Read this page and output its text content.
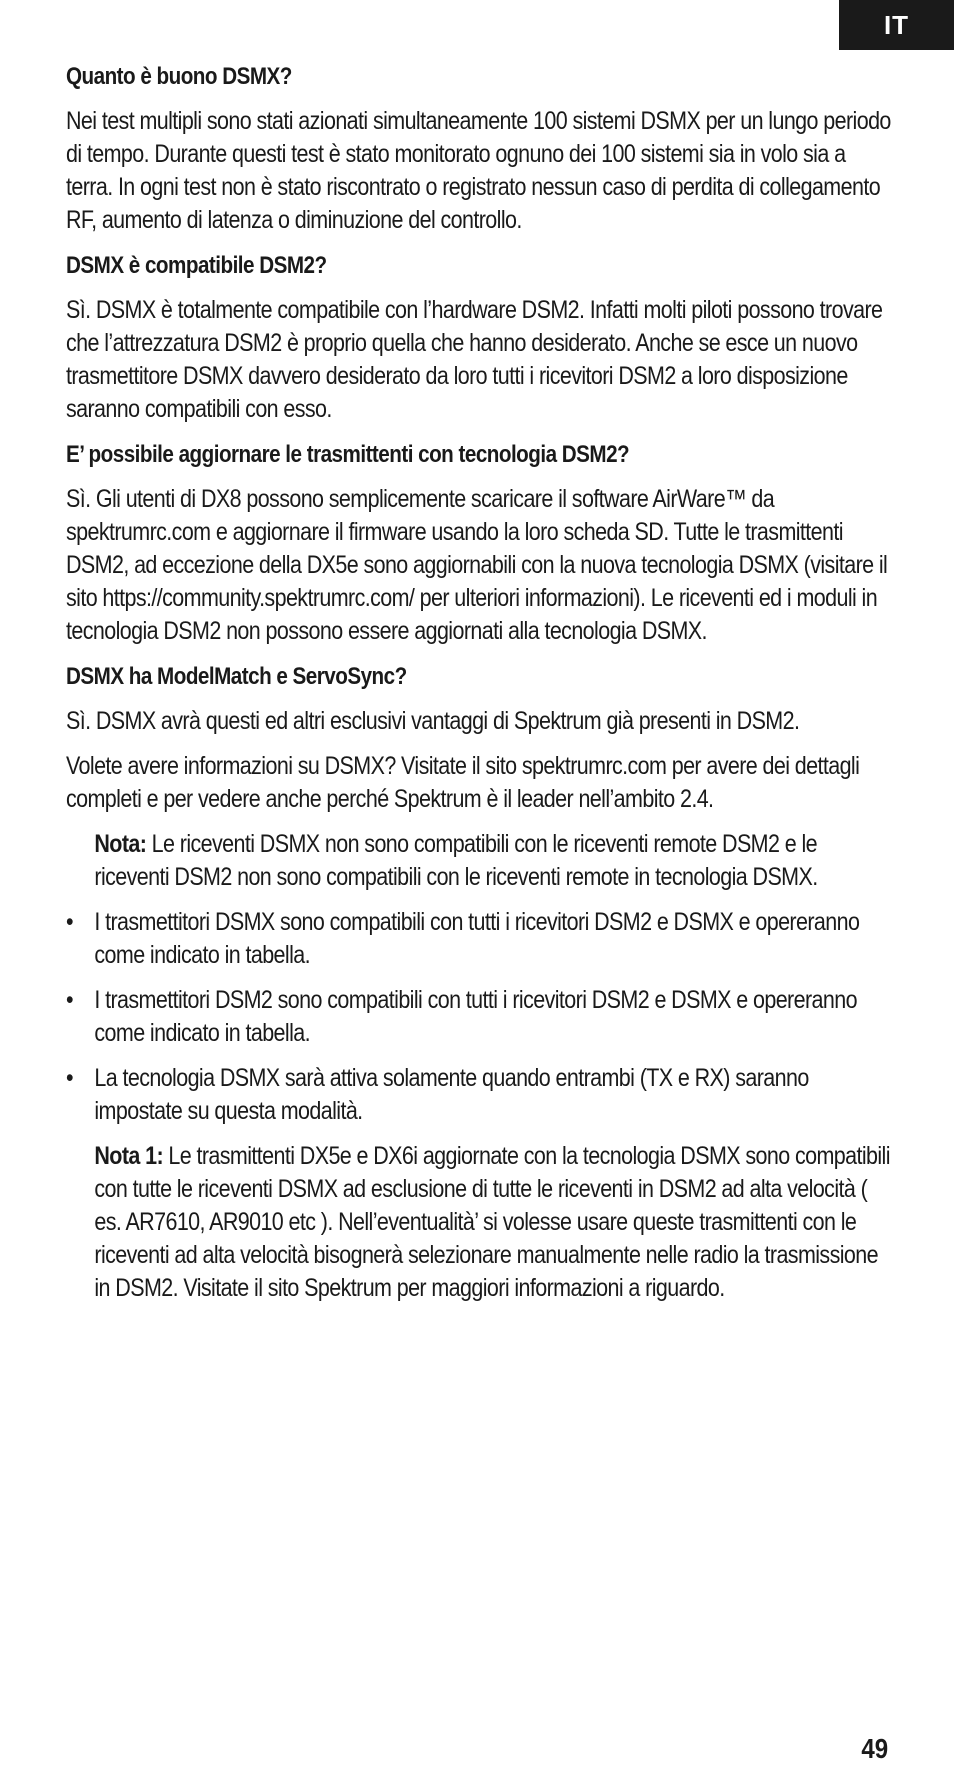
IT
Quanto è buono DSMX?

Nei test multipli sono stati azionati simultaneamente 100 sistemi DSMX per un lungo periodo di tempo. Durante questi test è stato monitorato ognuno dei 100 sistemi sia in volo sia a terra. In ogni test non è stato riscontrato o registrato nessun caso di perdita di collegamento RF, aumento di latenza o diminuzione del controllo.

DSMX è compatibile DSM2?

Sì. DSMX è totalmente compatibile con l’hardware DSM2. Infatti molti piloti possono trovare che l’attrezzatura DSM2 è proprio quella che hanno desiderato. Anche se esce un nuovo trasmettitore DSMX davvero desiderato da loro tutti i ricevitori DSM2 a loro disposizione saranno compatibili con esso.

E’ possibile aggiornare le trasmittenti con tecnologia DSM2?

Sì. Gli utenti di DX8 possono semplicemente scaricare il software AirWare™ da spektrumrc.com e aggiornare il firmware usando la loro scheda SD. Tutte le trasmittenti DSM2, ad eccezione della DX5e sono aggiornabili con la nuova tecnologia DSMX (visitare il sito https://community.spektrumrc.com/ per ulteriori informazioni). Le riceventi ed i moduli in tecnologia DSM2 non possono essere aggiornati alla tecnologia DSMX.

DSMX ha ModelMatch e ServoSync?

Sì. DSMX avrà questi ed altri esclusivi vantaggi di Spektrum già presenti in DSM2.

Volete avere informazioni su DSMX? Visitate il sito spektrumrc.com per avere dei dettagli completi e per vedere anche perché Spektrum è il leader nell’ambito 2.4.

Nota: Le riceventi DSMX non sono compatibili con le riceventi remote DSM2 e le riceventi DSM2 non sono compatibili con le riceventi remote in tecnologia DSMX.

• I trasmettitori DSMX sono compatibili con tutti i ricevitori DSM2 e DSMX e opereranno come indicato in tabella.
• I trasmettitori DSM2 sono compatibili con tutti i ricevitori DSM2 e DSMX e opereranno come indicato in tabella.
• La tecnologia DSMX sarà attiva solamente quando entrambi (TX e RX) saranno impostate su questa modalità.

Nota 1: Le trasmittenti DX5e e DX6i aggiornate con la tecnologia DSMX sono compatibili con tutte le riceventi DSMX ad esclusione di tutte le riceventi in DSM2 ad alta velocità ( es. AR7610, AR9010 etc ). Nell’eventualità’ si volesse usare queste trasmittenti con le riceventi ad alta velocità bisognerà selezionare manualmente nelle radio la trasmissione in DSM2. Visitate il sito Spektrum per maggiori informazioni a riguardo.

49
